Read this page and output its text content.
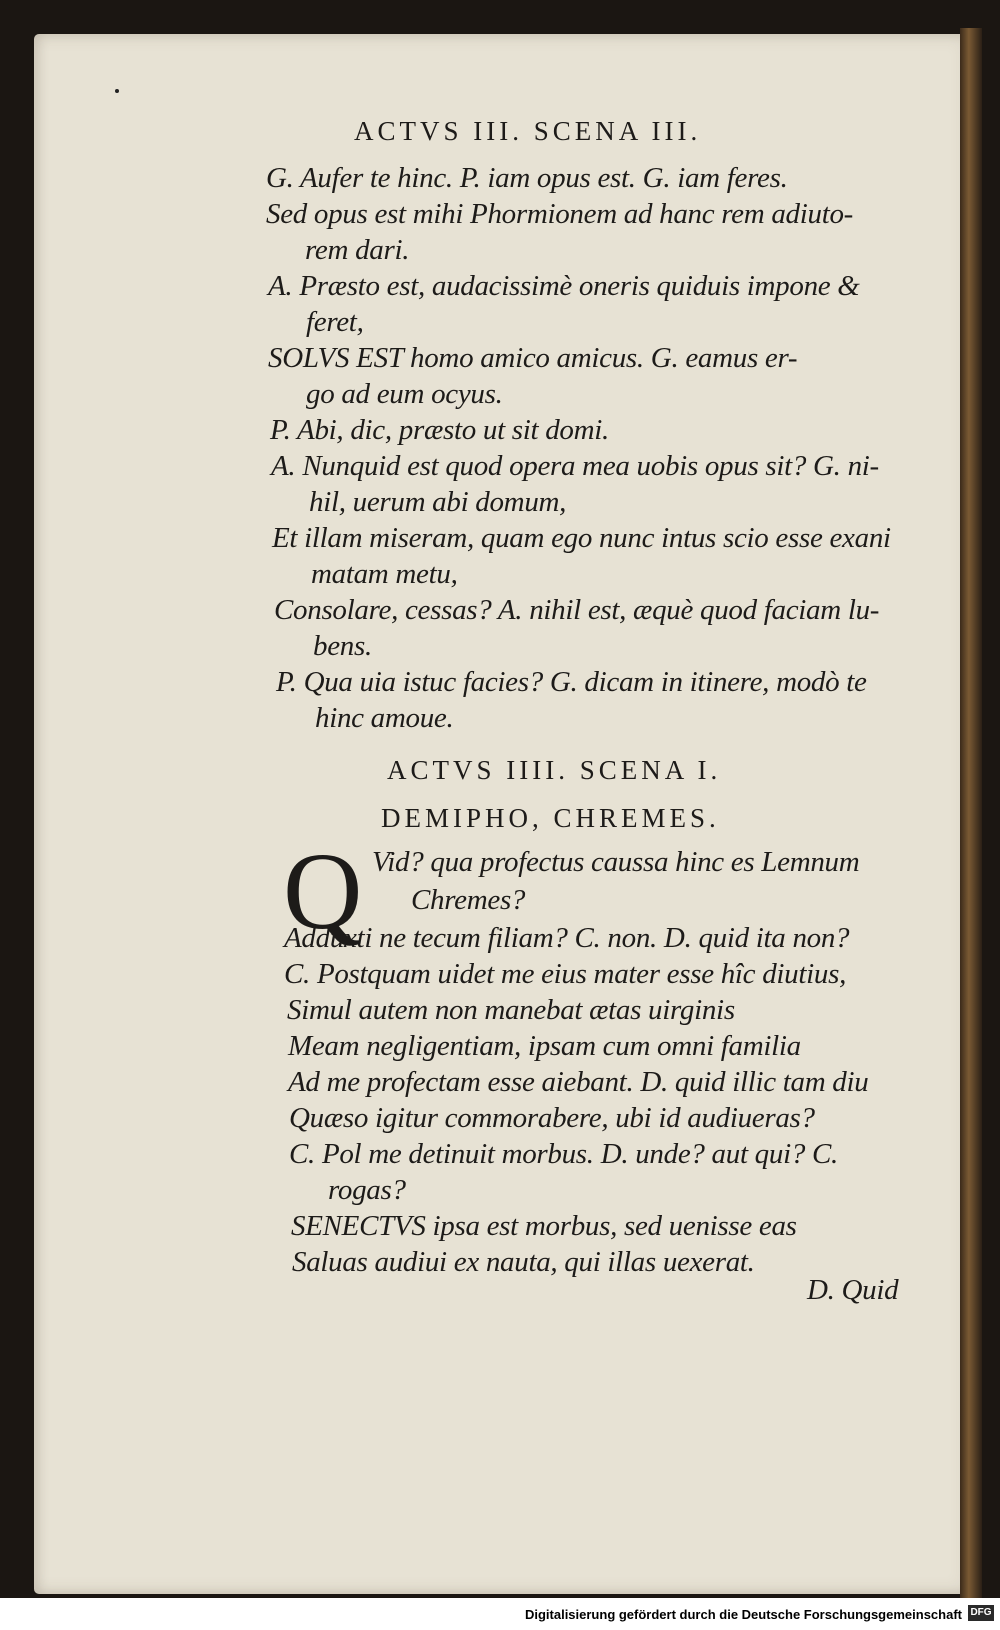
ACTVS III. SCENA III.
G. Aufer te hinc. P. iam opus est. G. iam feres.
Sed opus est mihi Phormionem ad hanc rem adiuto-
rem dari.
A. Præsto est, audacissimè oneris quiduis impone &
feret,
SOLVS EST homo amico amicus. G. eamus er-
go ad eum ocyus.
P. Abi, dic, præsto ut sit domi.
A. Nunquid est quod opera mea uobis opus sit? G. ni-
hil, uerum abi domum,
Et illam miseram, quam ego nunc intus scio esse exani
matam metu,
Consolare, cessas? A. nihil est, æquè quod faciam lu-
bens.
P. Qua uia istuc facies? G. dicam in itinere, modò te
hinc amoue.
ACTVS IIII. SCENA I.
DEMIPHO, CHREMES.
Q Vid? qua profectus caussa hinc es Lemnum
Chremes?
Adduxti ne tecum filiam? C. non. D. quid ita non?
C. Postquam uidet me eius mater esse hîc diutius,
Simul autem non manebat ætas uirginis
Meam negligentiam, ipsam cum omni familia
Ad me profectam esse aiebant. D. quid illic tam diu
Quæso igitur commorabere, ubi id audiueras?
C. Pol me detinuit morbus. D. unde? aut qui? C.
rogas?
SENECTVS ipsa est morbus, sed uenisse eas
Saluas audiui ex nauta, qui illas uexerat.
D. Quid
Digitalisierung gefördert durch die Deutsche Forschungsgemeinschaft DFG
